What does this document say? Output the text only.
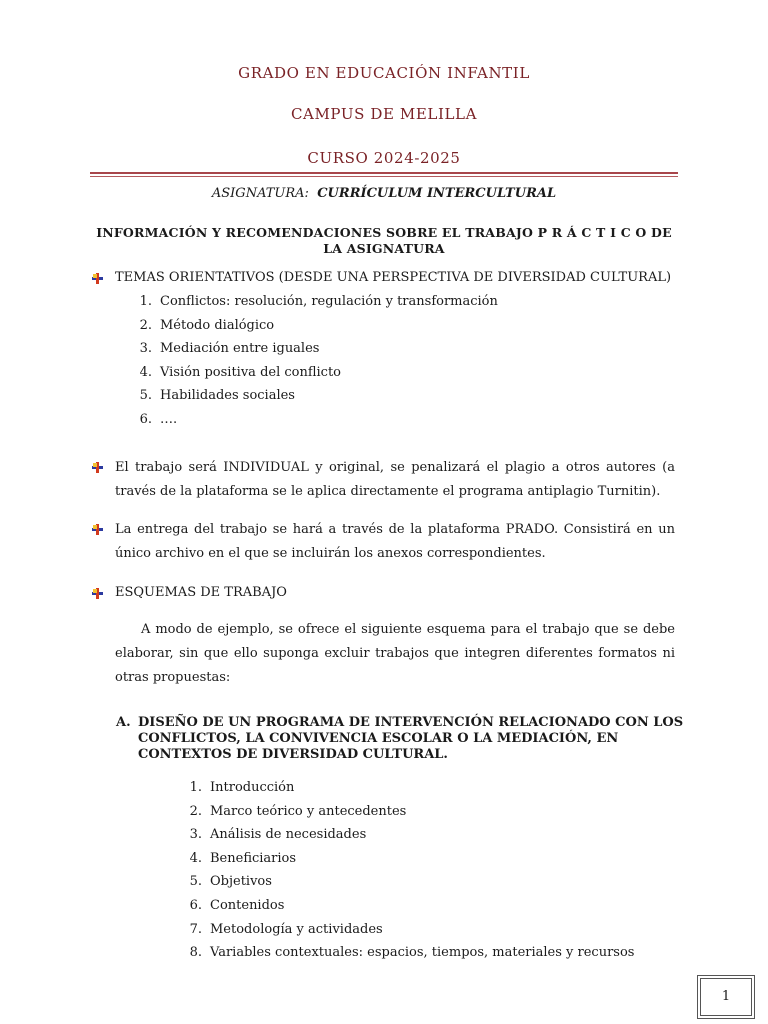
GRADO EN EDUCACIÓN INFANTIL
CAMPUS DE MELILLA
CURSO 2024-2025
ASIGNATURA: CURRÍCULUM INTERCULTURAL
INFORMACIÓN Y RECOMENDACIONES SOBRE EL TRABAJO P R Á C T I C O DE
LA ASIGNATURA
TEMAS ORIENTATIVOS (DESDE UNA PERSPECTIVA DE DIVERSIDAD CULTURAL)
1. Conflictos: resolución, regulación y transformación
2. Método dialógico
3. Mediación entre iguales
4. Visión positiva del conflicto
5. Habilidades sociales
6. ….
El trabajo será INDIVIDUAL y original, se penalizará el plagio a otros autores (a través de la plataforma se le aplica directamente el programa antiplagio Turnitin).
La entrega del trabajo se hará a través de la plataforma PRADO. Consistirá en un único archivo en el que se incluirán los anexos correspondientes.
ESQUEMAS DE TRABAJO
A modo de ejemplo, se ofrece el siguiente esquema para el trabajo que se debe elaborar, sin que ello suponga excluir trabajos que integren diferentes formatos ni otras propuestas:
A. DISEÑO DE UN PROGRAMA DE INTERVENCIÓN RELACIONADO CON LOS CONFLICTOS, LA CONVIVENCIA ESCOLAR O LA MEDIACIÓN, EN CONTEXTOS DE DIVERSIDAD CULTURAL.
1. Introducción
2. Marco teórico y antecedentes
3. Análisis de necesidades
4. Beneficiarios
5. Objetivos
6. Contenidos
7. Metodología y actividades
8. Variables contextuales: espacios, tiempos, materiales y recursos
1
